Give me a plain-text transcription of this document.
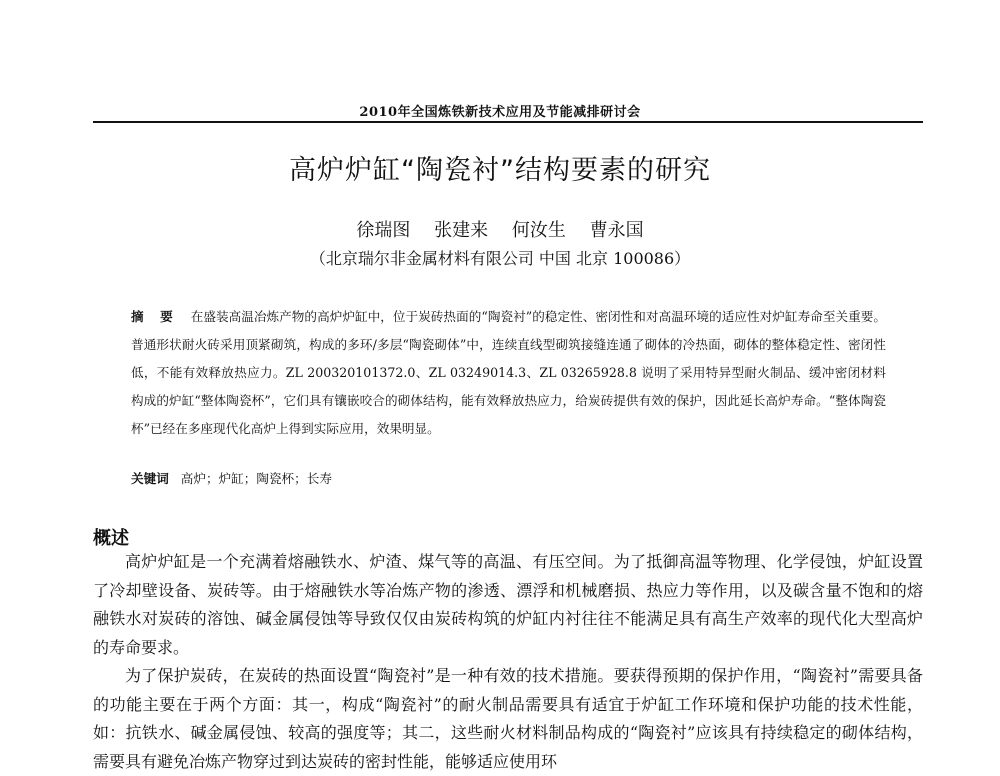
2010年全国炼铁新技术应用及节能减排研讨会
高炉炉缸“陶瓷衬”结构要素的研究
徐瑞图 张建来 何汝生 曹永国
（北京瑞尔非金属材料有限公司 中国 北京 100086）
摘 要 在盛装高温冶炼产物的高炉炉缸中，位于炭砖热面的“陶瓷衬”的稳定性、密闭性和对高温环境的适应性对炉缸寿命至关重要。普通形状耐火砖采用顶紧砌筑，构成的多环/多层“陶瓷砌体”中，连续直线型砌筑接缝连通了砌体的冷热面，砌体的整体稳定性、密闭性低，不能有效释放热应力。ZL 200320101372.0、ZL 03249014.3、ZL 03265928.8 说明了采用特异型耐火制品、缓冲密闭材料构成的炉缸“整体陶瓷杯”，它们具有镶嵌咬合的砌体结构，能有效释放热应力，给炭砖提供有效的保护，因此延长高炉寿命。“整体陶瓷杯”已经在多座现代化高炉上得到实际应用，效果明显。
关键词 高炉；炉缸；陶瓷杯；长寿
概述

高炉炉缸是一个充满着熔融铁水、炉渣、煤气等的高温、有压空间。为了抵御高温等物理、化学侵蚀，炉缸设置了冷却壁设备、炭砖等。由于熔融铁水等冶炼产物的渗透、漂浮和机械磨损、热应力等作用，以及碳含量不饱和的熔融铁水对炭砖的溶蚀、碱金属侵蚀等导致仅仅由炭砖构筑的炉缸内衬往往不能满足具有高生产效率的现代化大型高炉的寿命要求。

为了保护炭砖，在炭砖的热面设置“陶瓷衬”是一种有效的技术措施。要获得预期的保护作用，“陶瓷衬”需要具备的功能主要在于两个方面：其一，构成“陶瓷衬”的耐火制品需要具有适宜于炉缸工作环境和保护功能的技术性能，如：抗铁水、碱金属侵蚀、较高的强度等；其二，这些耐火材料制品构成的“陶瓷衬”应该具有持续稳定的砌体结构，需要具有避免冶炼产物穿过到达炭砖的密封性能，能够适应使用环
